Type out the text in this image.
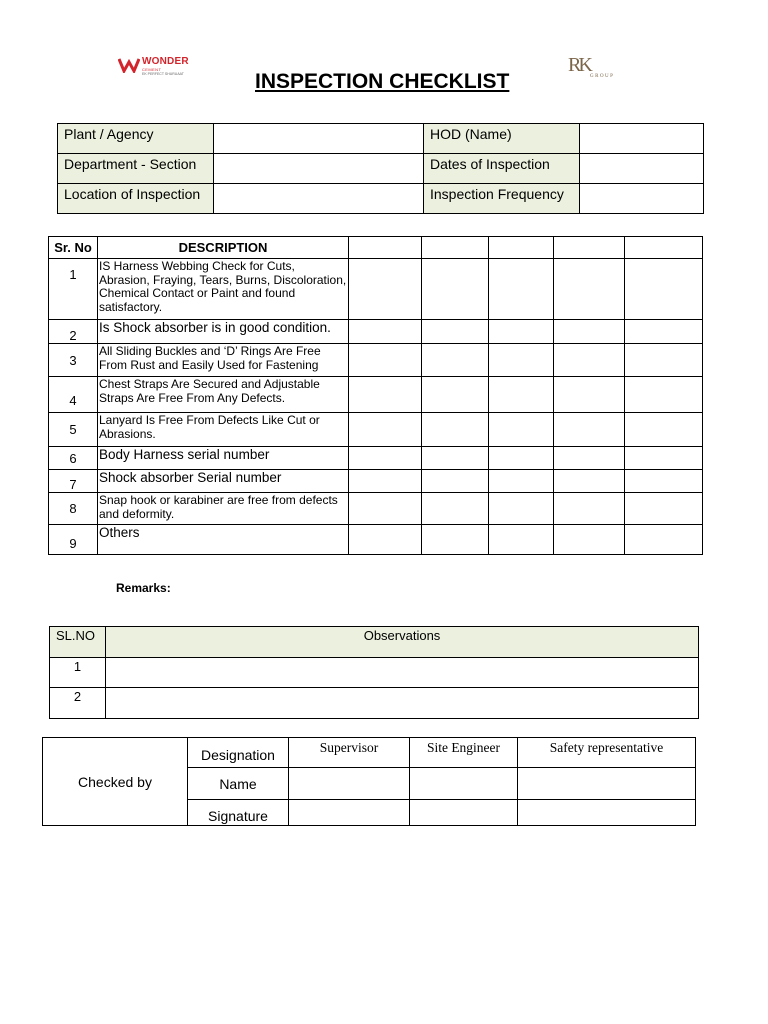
WONDER
CEMENT
EK PERFECT SHURUAAT	RK
GROUP
INSPECTION CHECKLIST
Plant / Agency		HOD (Name)	
Department - Section		Dates of Inspection	
Location of Inspection		Inspection Frequency	
Sr. No	DESCRIPTION					
1	IS Harness Webbing Check for Cuts, Abrasion, Fraying, Tears, Burns, Discoloration, Chemical Contact or Paint and found satisfactory.					
2	Is Shock absorber is in good condition.					
3	All Sliding Buckles and ‘D’ Rings Are Free From Rust and Easily Used for Fastening					
4	Chest Straps Are Secured and Adjustable Straps Are Free From Any Defects.					
5	Lanyard Is Free From Defects Like Cut or Abrasions.					
6	Body Harness serial number					
7	Shock absorber Serial number					
8	Snap hook or karabiner are free from defects and deformity.					
9	Others					
Remarks:
SL.NO	Observations
1	
2	
Checked by	Designation	Supervisor	Site Engineer	Safety representative
	Name			
	Signature			
